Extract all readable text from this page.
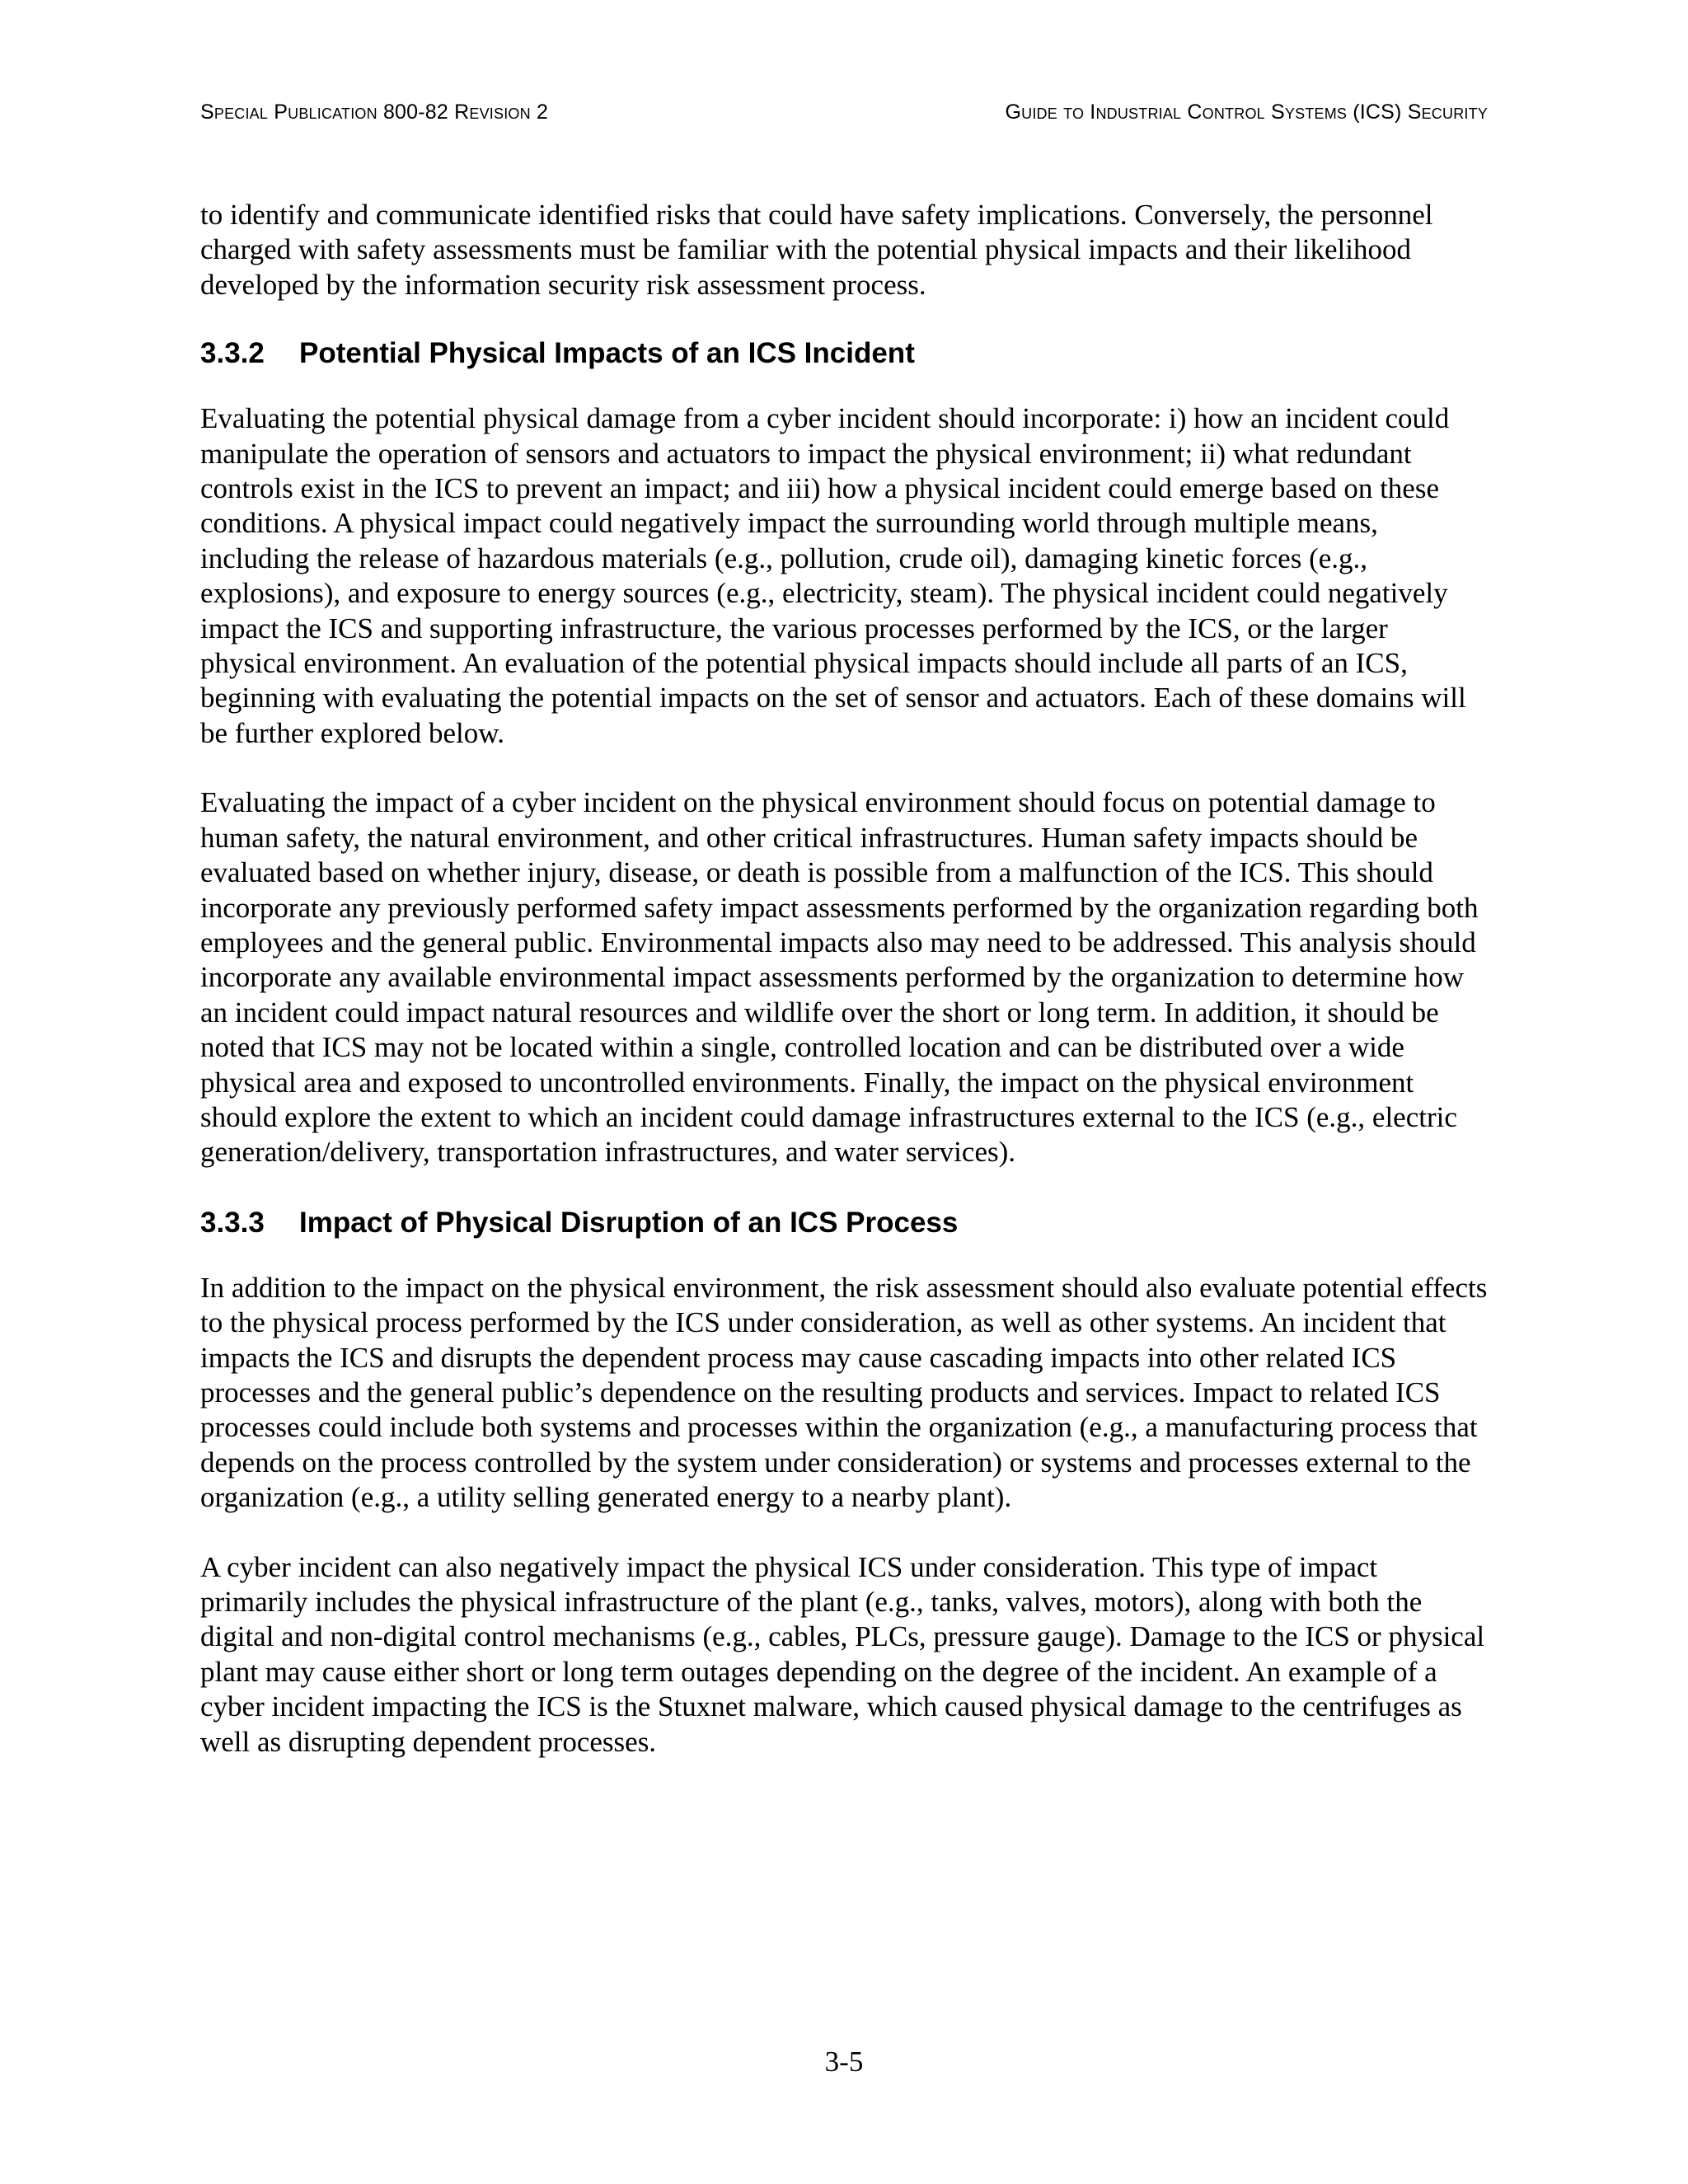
Special Publication 800-82 Revision 2	Guide to Industrial Control Systems (ICS) Security

to identify and communicate identified risks that could have safety implications. Conversely, the personnel charged with safety assessments must be familiar with the potential physical impacts and their likelihood developed by the information security risk assessment process.

3.3.2 Potential Physical Impacts of an ICS Incident

Evaluating the potential physical damage from a cyber incident should incorporate: i) how an incident could manipulate the operation of sensors and actuators to impact the physical environment; ii) what redundant controls exist in the ICS to prevent an impact; and iii) how a physical incident could emerge based on these conditions. A physical impact could negatively impact the surrounding world through multiple means, including the release of hazardous materials (e.g., pollution, crude oil), damaging kinetic forces (e.g., explosions), and exposure to energy sources (e.g., electricity, steam). The physical incident could negatively impact the ICS and supporting infrastructure, the various processes performed by the ICS, or the larger physical environment. An evaluation of the potential physical impacts should include all parts of an ICS, beginning with evaluating the potential impacts on the set of sensor and actuators. Each of these domains will be further explored below.

Evaluating the impact of a cyber incident on the physical environment should focus on potential damage to human safety, the natural environment, and other critical infrastructures. Human safety impacts should be evaluated based on whether injury, disease, or death is possible from a malfunction of the ICS. This should incorporate any previously performed safety impact assessments performed by the organization regarding both employees and the general public. Environmental impacts also may need to be addressed. This analysis should incorporate any available environmental impact assessments performed by the organization to determine how an incident could impact natural resources and wildlife over the short or long term. In addition, it should be noted that ICS may not be located within a single, controlled location and can be distributed over a wide physical area and exposed to uncontrolled environments. Finally, the impact on the physical environment should explore the extent to which an incident could damage infrastructures external to the ICS (e.g., electric generation/delivery, transportation infrastructures, and water services).

3.3.3 Impact of Physical Disruption of an ICS Process

In addition to the impact on the physical environment, the risk assessment should also evaluate potential effects to the physical process performed by the ICS under consideration, as well as other systems. An incident that impacts the ICS and disrupts the dependent process may cause cascading impacts into other related ICS processes and the general public’s dependence on the resulting products and services. Impact to related ICS processes could include both systems and processes within the organization (e.g., a manufacturing process that depends on the process controlled by the system under consideration) or systems and processes external to the organization (e.g., a utility selling generated energy to a nearby plant).

A cyber incident can also negatively impact the physical ICS under consideration. This type of impact primarily includes the physical infrastructure of the plant (e.g., tanks, valves, motors), along with both the digital and non-digital control mechanisms (e.g., cables, PLCs, pressure gauge). Damage to the ICS or physical plant may cause either short or long term outages depending on the degree of the incident. An example of a cyber incident impacting the ICS is the Stuxnet malware, which caused physical damage to the centrifuges as well as disrupting dependent processes.

3-5
